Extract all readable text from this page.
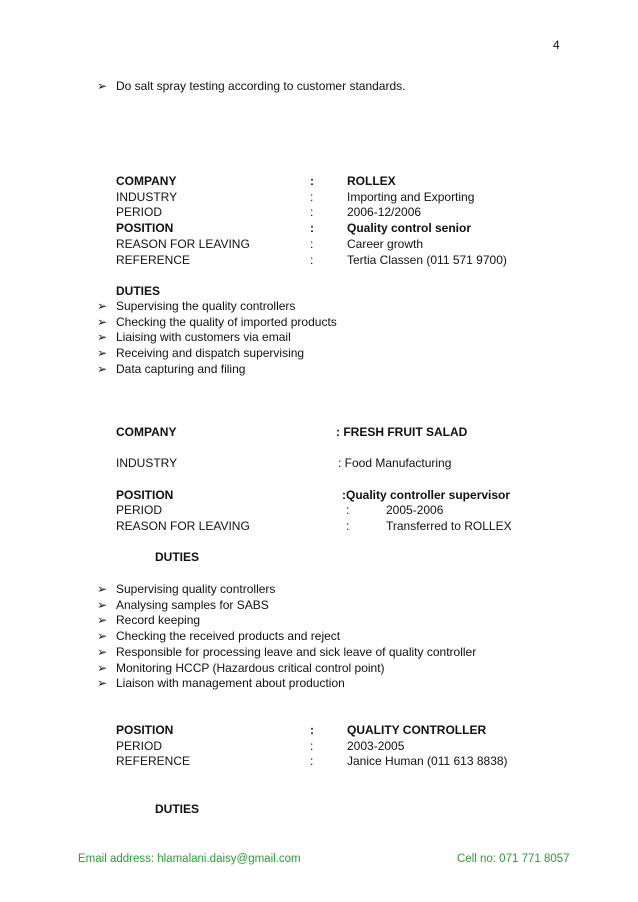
4
➢ Do salt spray testing according to customer standards.
COMPANY	:	ROLLEX
INDUSTRY	:	Importing and Exporting
PERIOD	:	2006-12/2006
POSITION	:	Quality control senior
REASON FOR LEAVING	:	Career growth
REFERENCE	:	Tertia Classen (011 571 9700)
DUTIES
➢ Supervising the quality controllers
➢ Checking the quality of imported products
➢ Liaising with customers via email
➢ Receiving and dispatch supervising
➢ Data capturing and filing
COMPANY	: FRESH FRUIT SALAD
INDUSTRY	: Food Manufacturing
POSITION	:Quality controller supervisor
PERIOD	:	2005-2006
REASON FOR LEAVING	:	Transferred to ROLLEX
DUTIES
➢ Supervising quality controllers
➢ Analysing samples for SABS
➢ Record keeping
➢ Checking the received products and reject
➢ Responsible for processing leave and sick leave of quality controller
➢ Monitoring HCCP (Hazardous critical control point)
➢ Liaison with management about production
POSITION	:	QUALITY CONTROLLER
PERIOD	:	2003-2005
REFERENCE	:	Janice Human (011 613 8838)
DUTIES
Email address: hlamalani.daisy@gmail.com	Cell no: 071 771 8057
